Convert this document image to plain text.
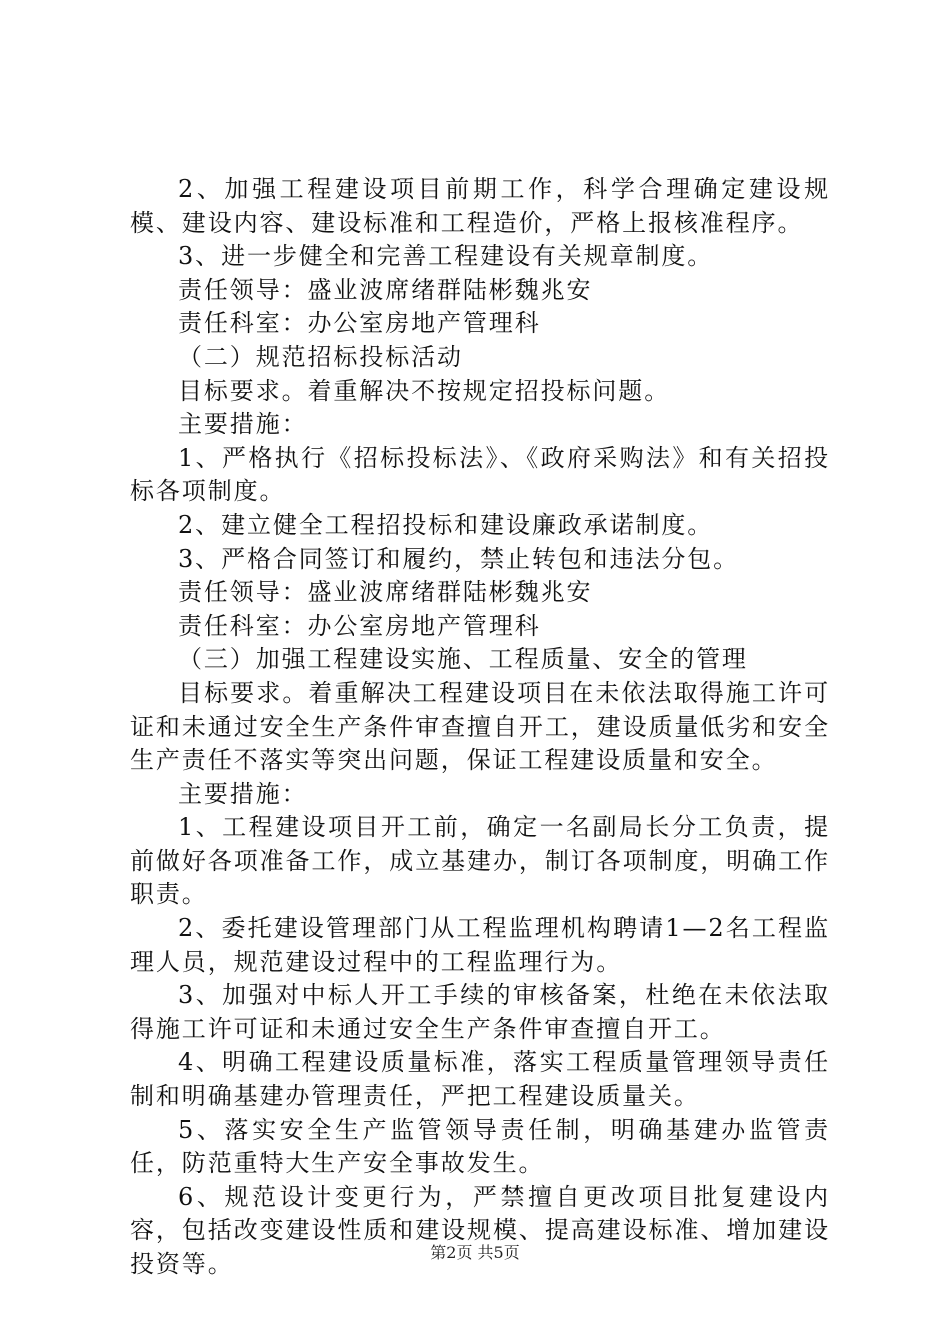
2、加强工程建设项目前期工作，科学合理确定建设规模、建设内容、建设标准和工程造价，严格上报核准程序。

3、进一步健全和完善工程建设有关规章制度。

责任领导：盛业波席绪群陆彬魏兆安

责任科室：办公室房地产管理科

（二）规范招标投标活动

目标要求。着重解决不按规定招投标问题。

主要措施：

1、严格执行《招标投标法》、《政府采购法》和有关招投标各项制度。

2、建立健全工程招投标和建设廉政承诺制度。

3、严格合同签订和履约，禁止转包和违法分包。

责任领导：盛业波席绪群陆彬魏兆安

责任科室：办公室房地产管理科

（三）加强工程建设实施、工程质量、安全的管理

目标要求。着重解决工程建设项目在未依法取得施工许可证和未通过安全生产条件审查擅自开工，建设质量低劣和安全生产责任不落实等突出问题，保证工程建设质量和安全。

主要措施：

1、工程建设项目开工前，确定一名副局长分工负责，提前做好各项准备工作，成立基建办，制订各项制度，明确工作职责。

2、委托建设管理部门从工程监理机构聘请1—2名工程监理人员，规范建设过程中的工程监理行为。

3、加强对中标人开工手续的审核备案，杜绝在未依法取得施工许可证和未通过安全生产条件审查擅自开工。

4、明确工程建设质量标准，落实工程质量管理领导责任制和明确基建办管理责任，严把工程建设质量关。

5、落实安全生产监管领导责任制，明确基建办监管责任，防范重特大生产安全事故发生。

6、规范设计变更行为，严禁擅自更改项目批复建设内容，包括改变建设性质和建设规模、提高建设标准、增加建设投资等。	第2页 共5页
